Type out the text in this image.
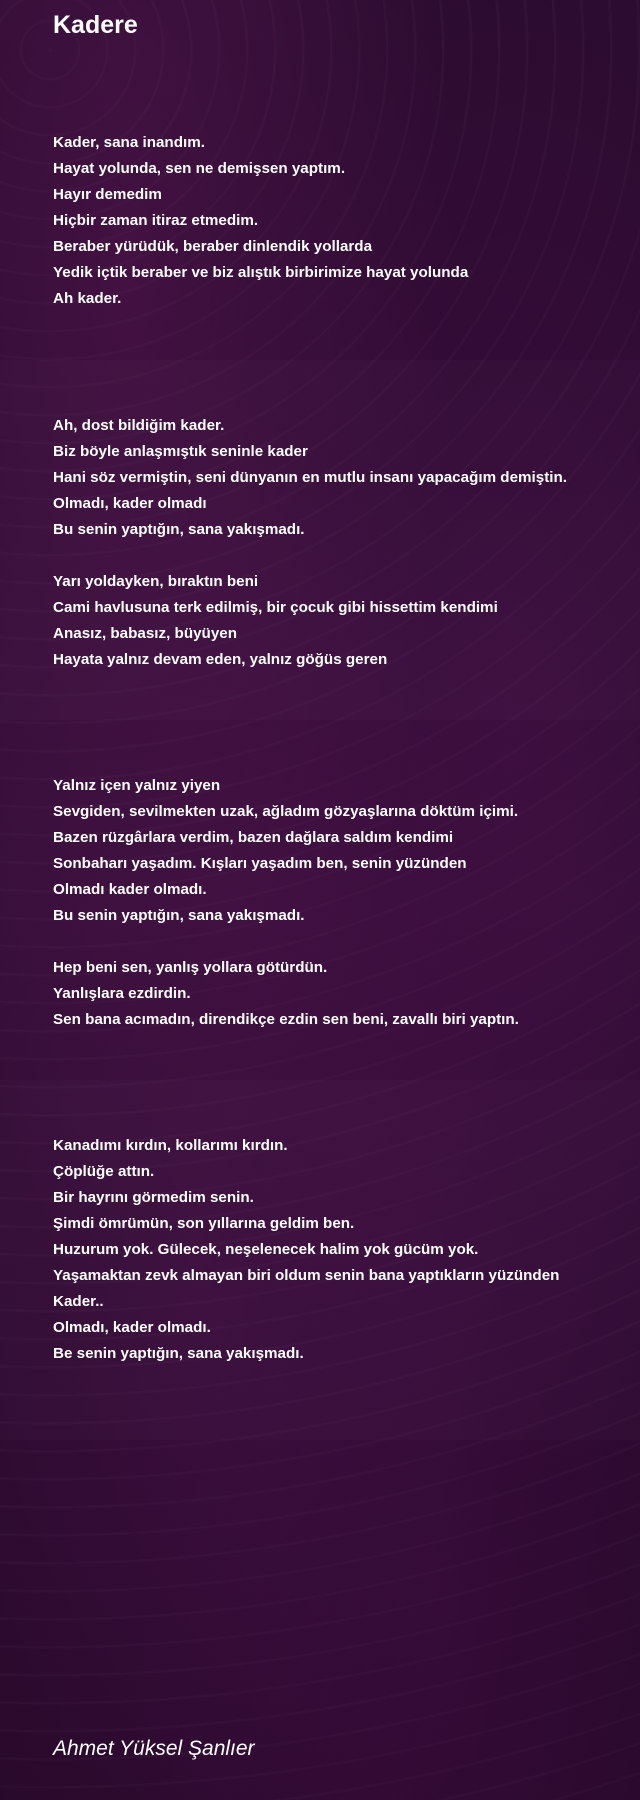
Kadere

Kader, sana inandım.
Hayat yolunda, sen ne demişsen yaptım.
Hayır demedim
Hiçbir zaman itiraz etmedim.
Beraber yürüdük, beraber dinlendik yollarda
Yedik içtik beraber ve biz alıştık birbirimize hayat yolunda
Ah kader.

Ah, dost bildiğim kader.
Biz böyle anlaşmıştık seninle kader
Hani söz vermiştin, seni dünyanın en mutlu insanı yapacağım demiştin.
Olmadı, kader olmadı
Bu senin yaptığın, sana yakışmadı.
Yarı yoldayken, bıraktın beni
Cami havlusuna terk edilmiş, bir çocuk gibi hissettim kendimi
Anasız, babasız, büyüyen
Hayata yalnız devam eden, yalnız göğüs geren

Yalnız içen yalnız yiyen
Sevgiden, sevilmekten uzak, ağladım gözyaşlarına döktüm içimi.
Bazen rüzgârlara verdim, bazen dağlara saldım kendimi
Sonbaharı yaşadım. Kışları yaşadım ben, senin yüzünden
Olmadı kader olmadı.
Bu senin yaptığın, sana yakışmadı.
Hep beni sen, yanlış yollara götürdün.
Yanlışlara ezdirdin.
Sen bana acımadın, direndikçe ezdin sen beni, zavallı biri yaptın.

Kanadımı kırdın, kollarımı kırdın.
Çöplüğe attın.
Bir hayrını görmedim senin.
Şimdi ömrümün, son yıllarına geldim ben.
Huzurum yok. Gülecek, neşelenecek halim yok gücüm yok.
Yaşamaktan zevk almayan biri oldum senin bana yaptıkların yüzünden
Kader..
Olmadı, kader olmadı.
Be senin yaptığın, sana yakışmadı.

Ahmet Yüksel Şanlıer
